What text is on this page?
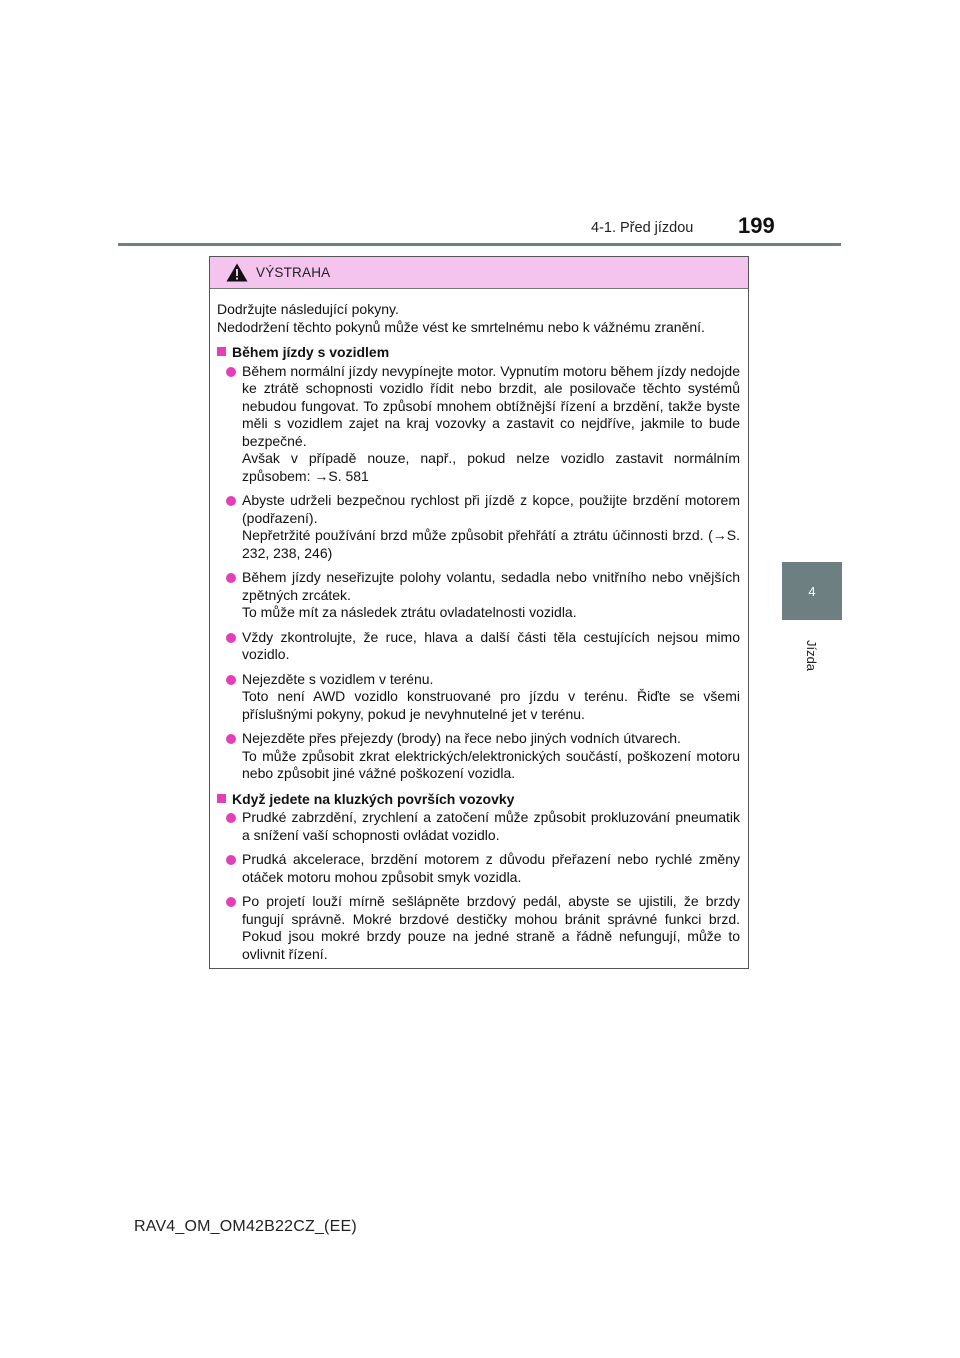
4-1. Před jízdou 199
4
Jízda
VÝSTRAHA

Dodržujte následující pokyny.

Nedodržení těchto pokynů může vést ke smrtelnému nebo k vážnému zranění.

Během jízdy s vozidlem

Během normální jízdy nevypínejte motor. Vypnutím motoru během jízdy nedojde ke ztrátě schopnosti vozidlo řídit nebo brzdit, ale posilovače těchto systémů nebudou fungovat. To způsobí mnohem obtížnější řízení a brzdění, takže byste měli s vozidlem zajet na kraj vozovky a zastavit co nejdříve, jakmile to bude bezpečné.

Avšak v případě nouze, např., pokud nelze vozidlo zastavit normálním způsobem: →S. 581

Abyste udrželi bezpečnou rychlost při jízdě z kopce, použijte brzdění motorem (podřazení).

Nepřetržité používání brzd může způsobit přehřátí a ztrátu účinnosti brzd. (→S. 232, 238, 246)

Během jízdy neseřizujte polohy volantu, sedadla nebo vnitřního nebo vnějších zpětných zrcátek.

To může mít za následek ztrátu ovladatelnosti vozidla.

Vždy zkontrolujte, že ruce, hlava a další části těla cestujících nejsou mimo vozidlo.

Nejezděte s vozidlem v terénu.

Toto není AWD vozidlo konstruované pro jízdu v terénu. Řiďte se všemi příslušnými pokyny, pokud je nevyhnutelné jet v terénu.

Nejezděte přes přejezdy (brody) na řece nebo jiných vodních útvarech.

To může způsobit zkrat elektrických/elektronických součástí, poškození motoru nebo způsobit jiné vážné poškození vozidla.

Když jedete na kluzkých površích vozovky

Prudké zabrzdění, zrychlení a zatočení může způsobit prokluzování pneumatik a snížení vaší schopnosti ovládat vozidlo.

Prudká akcelerace, brzdění motorem z důvodu přeřazení nebo rychlé změny otáček motoru mohou způsobit smyk vozidla.

Po projetí louží mírně sešlápněte brzdový pedál, abyste se ujistili, že brzdy fungují správně. Mokré brzdové destičky mohou bránit správné funkci brzd. Pokud jsou mokré brzdy pouze na jedné straně a řádně nefungují, může to ovlivnit řízení.

RAV4_OM_OM42B22CZ_(EE)
